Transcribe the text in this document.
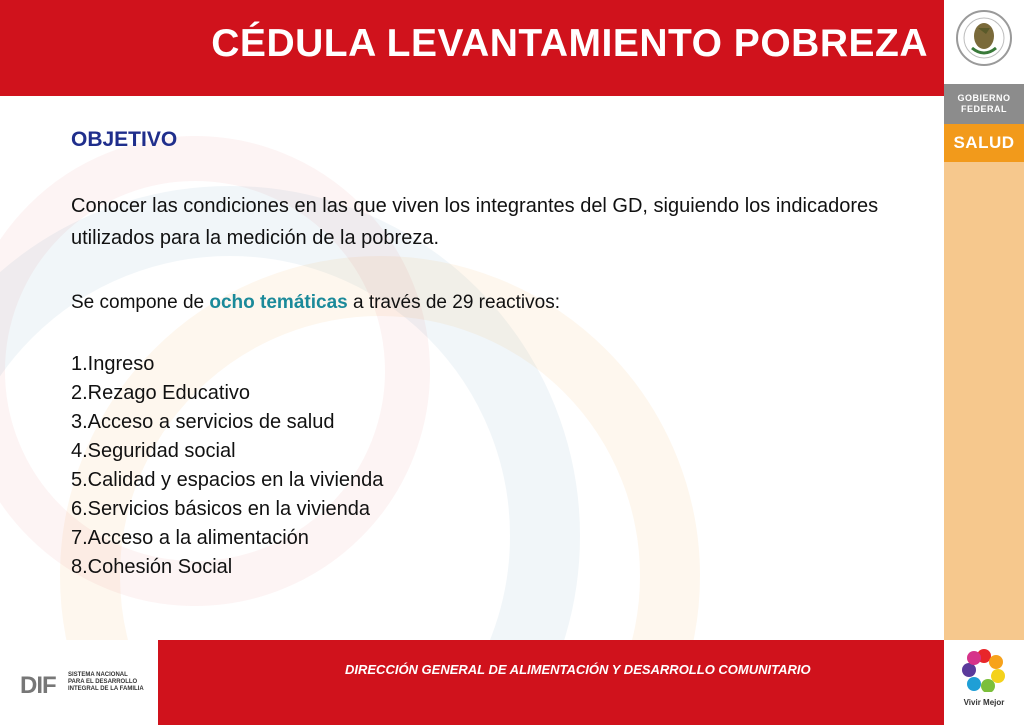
CÉDULA LEVANTAMIENTO POBREZA
GOBIERNO
FEDERAL
SALUD
OBJETIVO
Conocer las condiciones en las que viven los integrantes del GD, siguiendo los indicadores utilizados para la medición de la pobreza.
Se compone de ocho temáticas a través de 29 reactivos:
1.Ingreso
2.Rezago Educativo
3.Acceso a servicios de salud
4.Seguridad social
5.Calidad y espacios en la vivienda
6.Servicios básicos en la vivienda
7.Acceso a la alimentación
8.Cohesión Social
DIF SISTEMA NACIONAL
PARA EL DESARROLLO
INTEGRAL DE LA FAMILIA
DIRECCIÓN GENERAL DE ALIMENTACIÓN Y DESARROLLO COMUNITARIO
Vivir Mejor
